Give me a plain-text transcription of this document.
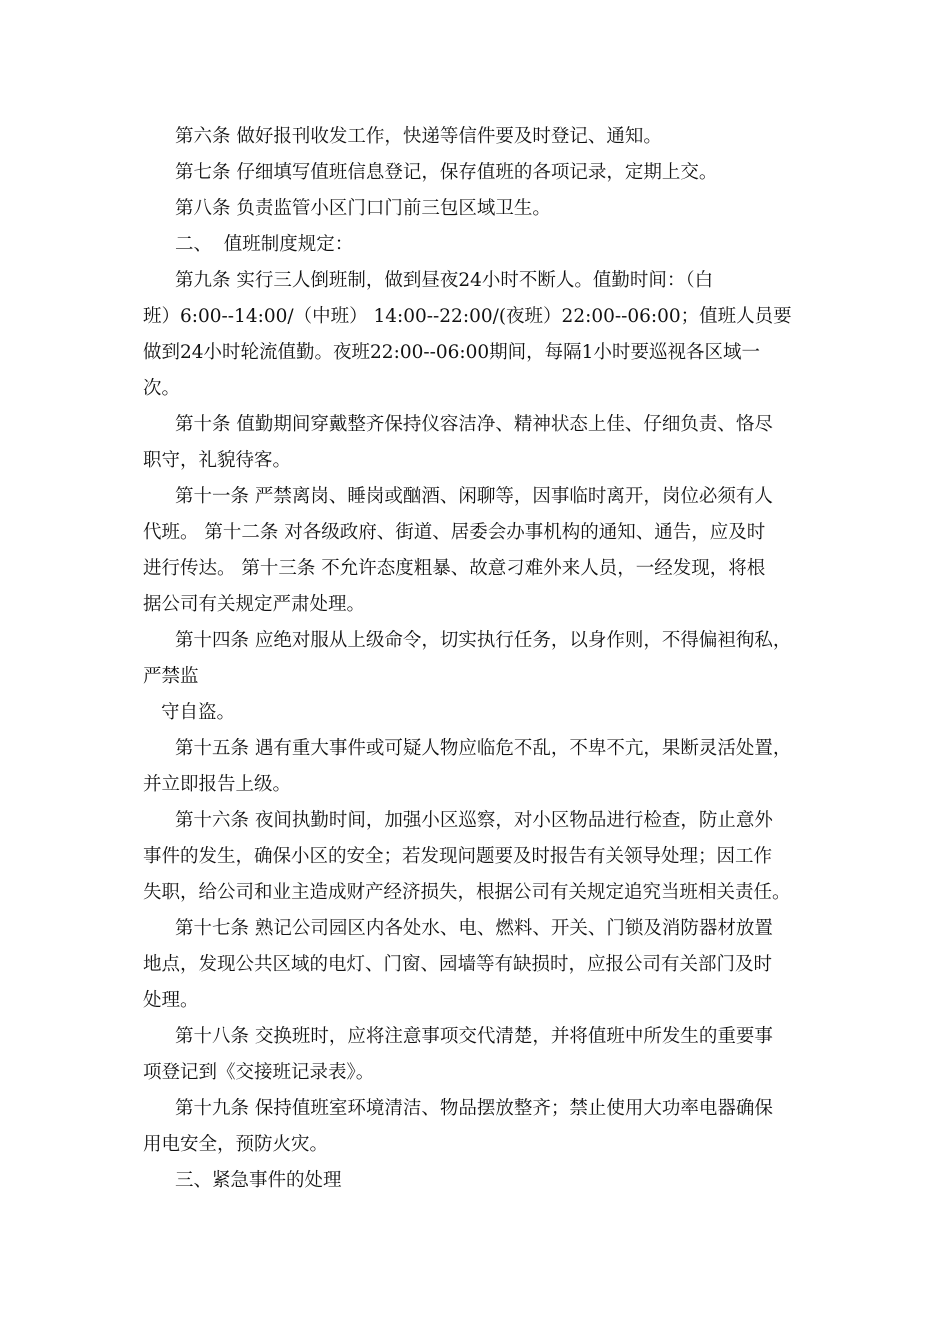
第六条 做好报刊收发工作，快递等信件要及时登记、通知。
第七条 仔细填写值班信息登记，保存值班的各项记录，定期上交。
第八条 负责监管小区门口门前三包区域卫生。
二、  值班制度规定：
第九条 实行三人倒班制，做到昼夜24小时不断人。值勤时间：（白
班）6:00--14:00/（中班） 14:00--22:00/(夜班）22:00--06:00；值班人员要
做到24小时轮流值勤。夜班22:00--06:00期间，每隔1小时要巡视各区域一
次。
第十条 值勤期间穿戴整齐保持仪容洁净、精神状态上佳、仔细负责、恪尽
职守，礼貌待客。
第十一条 严禁离岗、睡岗或酗酒、闲聊等，因事临时离开，岗位必须有人
代班。 第十二条 对各级政府、街道、居委会办事机构的通知、通告，应及时
进行传达。 第十三条 不允许态度粗暴、故意刁难外来人员，一经发现，将根
据公司有关规定严肃处理。
第十四条 应绝对服从上级命令，切实执行任务，以身作则，不得偏袒徇私，
严禁监
守自盗。
第十五条 遇有重大事件或可疑人物应临危不乱，不卑不亢，果断灵活处置，
并立即报告上级。
第十六条 夜间执勤时间，加强小区巡察，对小区物品进行检查，防止意外
事件的发生，确保小区的安全；若发现问题要及时报告有关领导处理；因工作
失职，给公司和业主造成财产经济损失，根据公司有关规定追究当班相关责任。
第十七条 熟记公司园区内各处水、电、燃料、开关、门锁及消防器材放置
地点，发现公共区域的电灯、门窗、园墙等有缺损时，应报公司有关部门及时
处理。
第十八条 交换班时，应将注意事项交代清楚，并将值班中所发生的重要事
项登记到《交接班记录表》。
第十九条 保持值班室环境清洁、物品摆放整齐；禁止使用大功率电器确保
用电安全，预防火灾。
三、紧急事件的处理
